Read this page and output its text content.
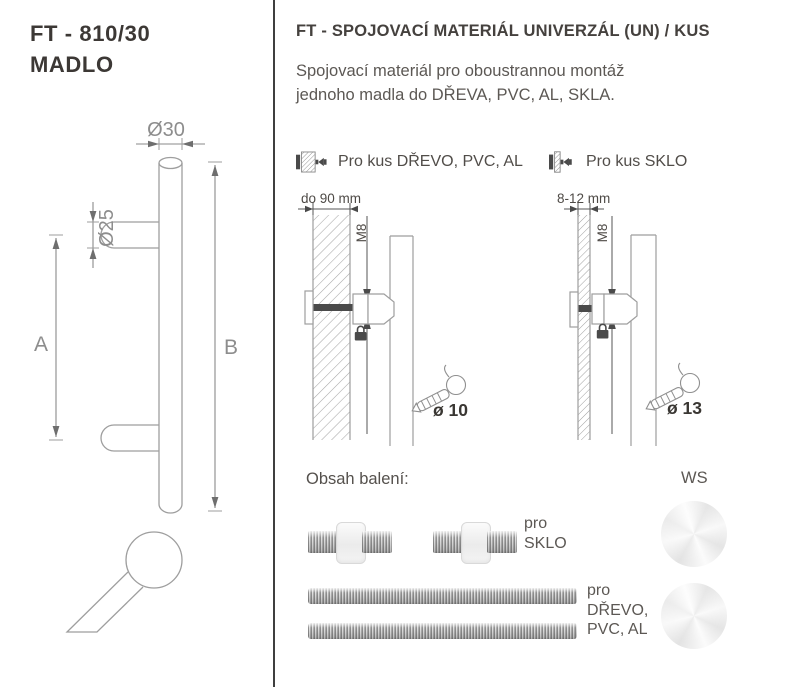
FT - 810/30
MADLO
Ø30
Ø25
A	B
FT - SPOJOVACÍ MATERIÁL UNIVERZÁL (UN) / KUS
Spojovací materiál pro oboustrannou montáž
jednoho madla do DŘEVA, PVC, AL, SKLA.
Pro kus DŘEVO, PVC, AL
do 90 mm
M8
ø 10
Pro kus SKLO
8-12 mm
M8
ø 13
Obsah balení:
pro
SKLO
pro
DŘEVO,
PVC, AL
WS
